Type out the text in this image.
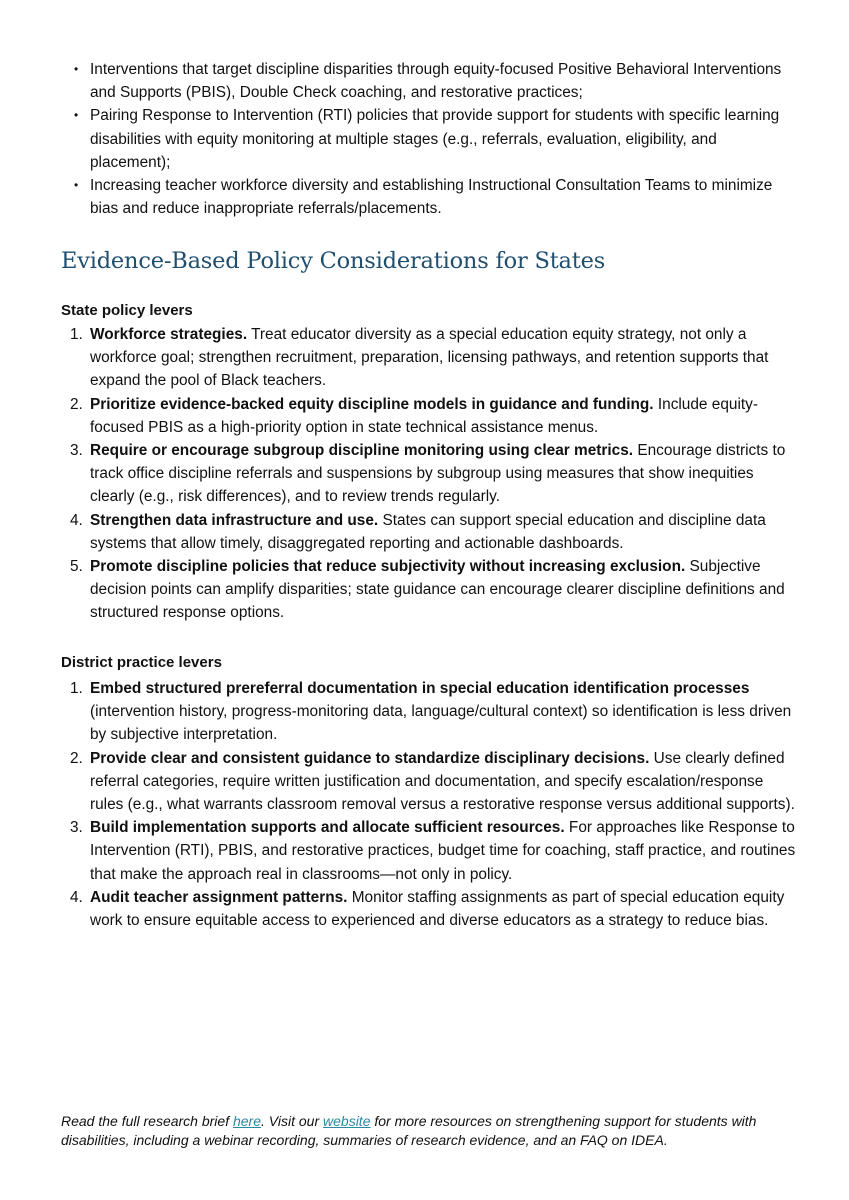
• Interventions that target discipline disparities through equity-focused Positive Behavioral Interventions and Supports (PBIS), Double Check coaching, and restorative practices;
• Pairing Response to Intervention (RTI) policies that provide support for students with specific learning disabilities with equity monitoring at multiple stages (e.g., referrals, evaluation, eligibility, and placement);
• Increasing teacher workforce diversity and establishing Instructional Consultation Teams to minimize bias and reduce inappropriate referrals/placements.
Evidence-Based Policy Considerations for States

State policy levers

1. Workforce strategies. Treat educator diversity as a special education equity strategy, not only a workforce goal; strengthen recruitment, preparation, licensing pathways, and retention supports that expand the pool of Black teachers.
2. Prioritize evidence-backed equity discipline models in guidance and funding. Include equity-focused PBIS as a high-priority option in state technical assistance menus.
3. Require or encourage subgroup discipline monitoring using clear metrics. Encourage districts to track office discipline referrals and suspensions by subgroup using measures that show inequities clearly (e.g., risk differences), and to review trends regularly.
4. Strengthen data infrastructure and use. States can support special education and discipline data systems that allow timely, disaggregated reporting and actionable dashboards.
5. Promote discipline policies that reduce subjectivity without increasing exclusion. Subjective decision points can amplify disparities; state guidance can encourage clearer discipline definitions and structured response options.

District practice levers

1. Embed structured prereferral documentation in special education identification processes (intervention history, progress-monitoring data, language/cultural context) so identification is less driven by subjective interpretation.
2. Provide clear and consistent guidance to standardize disciplinary decisions. Use clearly defined referral categories, require written justification and documentation, and specify escalation/response rules (e.g., what warrants classroom removal versus a restorative response versus additional supports).
3. Build implementation supports and allocate sufficient resources. For approaches like Response to Intervention (RTI), PBIS, and restorative practices, budget time for coaching, staff practice, and routines that make the approach real in classrooms—not only in policy.
4. Audit teacher assignment patterns. Monitor staffing assignments as part of special education equity work to ensure equitable access to experienced and diverse educators as a strategy to reduce bias.

Read the full research brief here. Visit our website for more resources on strengthening support for students with disabilities, including a webinar recording, summaries of research evidence, and an FAQ on IDEA.
